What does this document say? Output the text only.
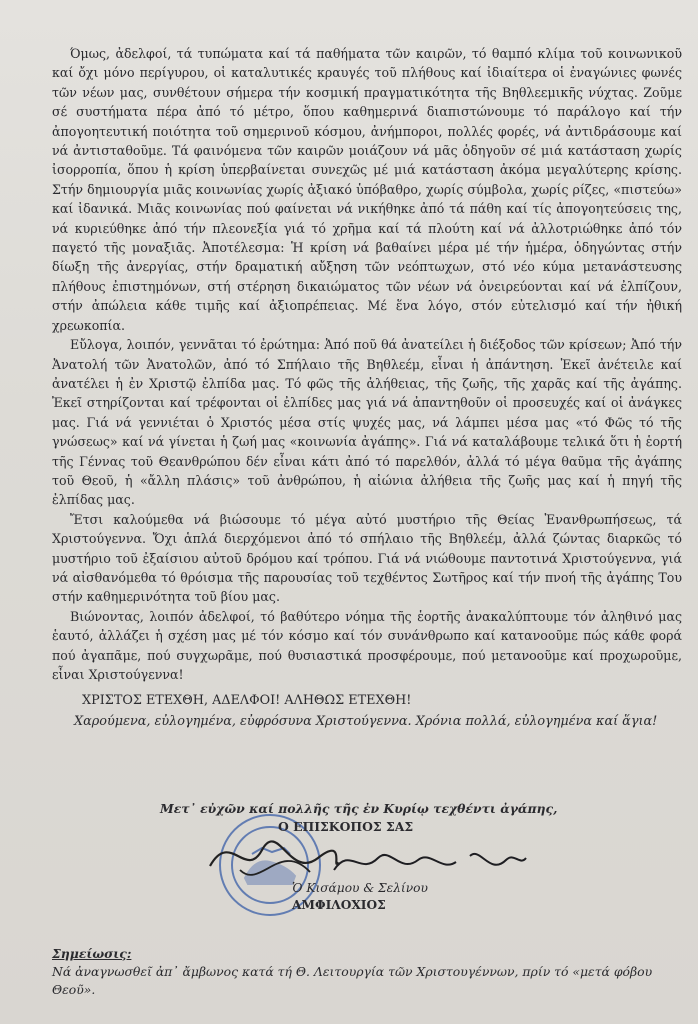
Όμως, ἀδελφοί, τά τυπώματα καί τά παθήματα τῶν καιρῶν, τό θαμπό κλίμα τοῦ κοινωνικοῦ καί ὄχι μόνο περίγυρου, οἱ καταλυτικές κραυγές τοῦ πλήθους καί ἰδιαίτερα οἱ ἐναγώνιες φωνές τῶν νέων μας, συνθέτουν σήμερα τήν κοσμική πραγματικότητα τῆς Βηθλεεμικῆς νύχτας. Ζοῦμε σέ συστήματα πέρα ἀπό τό μέτρο, ὅπου καθημερινά διαπιστώνουμε τό παράλογο καί τήν ἀπογοητευτική ποιότητα τοῦ σημερινοῦ κόσμου, ἀνήμποροι, πολλές φορές, νά ἀντιδράσουμε καί νά ἀντισταθοῦμε. Τά φαινόμενα τῶν καιρῶν μοιάζουν νά μᾶς ὁδηγοῦν σέ μιά κατάσταση χωρίς ἰσορροπία, ὅπου ἡ κρίση ὑπερβαίνεται συνεχῶς μέ μιά κατάσταση ἀκόμα μεγαλύτερης κρίσης. Στήν δημιουργία μιᾶς κοινωνίας χωρίς ἀξιακό ὑπόβαθρο, χωρίς σύμβολα, χωρίς ρίζες, «πιστεύω» καί ἰδανικά. Μιᾶς κοινωνίας πού φαίνεται νά νικήθηκε ἀπό τά πάθη καί τίς ἀπογοητεύσεις της, νά κυριεύθηκε ἀπό τήν πλεονεξία γιά τό χρῆμα καί τά πλούτη καί νά ἀλλοτριώθηκε ἀπό τόν παγετό τῆς μοναξιᾶς. Ἀποτέλεσμα: Ἡ κρίση νά βαθαίνει μέρα μέ τήν ἡμέρα, ὁδηγώντας στήν δίωξη τῆς ἀνεργίας, στήν δραματική αὔξηση τῶν νεόπτωχων, στό νέο κύμα μετανάστευσης πλήθους ἐπιστημόνων, στή στέρηση δικαιώματος τῶν νέων νά ὀνειρεύονται καί νά ἐλπίζουν, στήν ἀπώλεια κάθε τιμῆς καί ἀξιοπρέπειας. Μέ ἕνα λόγο, στόν εὐτελισμό καί τήν ἠθική χρεωκοπία.

Εὔλογα, λοιπόν, γεννᾶται τό ἐρώτημα: Ἀπό ποῦ θά ἀνατείλει ἡ διέξοδος τῶν κρίσεων; Ἀπό τήν Ἀνατολή τῶν Ἀνατολῶν, ἀπό τό Σπήλαιο τῆς Βηθλεέμ, εἶναι ἡ ἀπάντηση. Ἐκεῖ ἀνέτειλε καί ἀνατέλει ἡ ἐν Χριστῷ ἐλπίδα μας. Τό φῶς τῆς ἀλήθειας, τῆς ζωῆς, τῆς χαρᾶς καί τῆς ἀγάπης. Ἐκεῖ στηρίζονται καί τρέφονται οἱ ἐλπίδες μας γιά νά ἀπαντηθοῦν οἱ προσευχές καί οἱ ἀνάγκες μας. Γιά νά γεννιέται ὁ Χριστός μέσα στίς ψυχές μας, νά λάμπει μέσα μας «τό Φῶς τό τῆς γνώσεως» καί νά γίνεται ἡ ζωή μας «κοινωνία ἀγάπης». Γιά νά καταλάβουμε τελικά ὅτι ἡ ἑορτή τῆς Γέννας τοῦ Θεανθρώπου δέν εἶναι κάτι ἀπό τό παρελθόν, ἀλλά τό μέγα θαῦμα τῆς ἀγάπης τοῦ Θεοῦ, ἡ «ἄλλη πλάσις» τοῦ ἀνθρώπου, ἡ αἰώνια ἀλήθεια τῆς ζωῆς μας καί ἡ πηγή τῆς ἐλπίδας μας.

Ἔτσι καλούμεθα νά βιώσουμε τό μέγα αὐτό μυστήριο τῆς Θείας Ἐνανθρωπήσεως, τά Χριστούγεννα. Ὄχι ἁπλά διερχόμενοι ἀπό τό σπήλαιο τῆς Βηθλεέμ, ἀλλά ζώντας διαρκῶς τό μυστήριο τοῦ ἐξαίσιου αὐτοῦ δρόμου καί τρόπου. Γιά νά νιώθουμε παντοτινά Χριστούγεννα, γιά νά αἰσθανόμεθα τό θρόισμα τῆς παρουσίας τοῦ τεχθέντος Σωτῆρος καί τήν πνοή τῆς ἀγάπης Του στήν καθημερινότητα τοῦ βίου μας.

Βιώνοντας, λοιπόν ἀδελφοί, τό βαθύτερο νόημα τῆς ἑορτῆς ἀνακαλύπτουμε τόν ἀληθινό μας ἑαυτό, ἀλλάζει ἡ σχέση μας μέ τόν κόσμο καί τόν συνάνθρωπο καί κατανοοῦμε πώς κάθε φορά πού ἀγαπᾶμε, πού συγχωρᾶμε, πού θυσιαστικά προσφέρουμε, πού μετανοοῦμε καί προχωροῦμε, εἶναι Χριστούγεννα!

ΧΡΙΣΤΟΣ ΕΤΕΧΘΗ, ΑΔΕΛΦΟΙ! ΑΛΗΘΩΣ ΕΤΕΧΘΗ!
Χαρούμενα, εὐλογημένα, εὐφρόσυνα Χριστούγεννα. Χρόνια πολλά, εὐλογημένα καί ἅγια!
Μετ᾽ εὐχῶν καί πολλῆς τῆς ἐν Κυρίῳ τεχθέντι ἀγάπης,
Ο ΕΠΙΣΚΟΠΟΣ ΣΑΣ
Ὁ Κισάμου & Σελίνου
ΑΜΦΙΛΟΧΙΟΣ
Σημείωσις:
Νά ἀναγνωσθεῖ ἀπ᾽ ἄμβωνος κατά τή Θ. Λειτουργία τῶν Χριστουγέννων, πρίν τό «μετά φόβου Θεοῦ».
